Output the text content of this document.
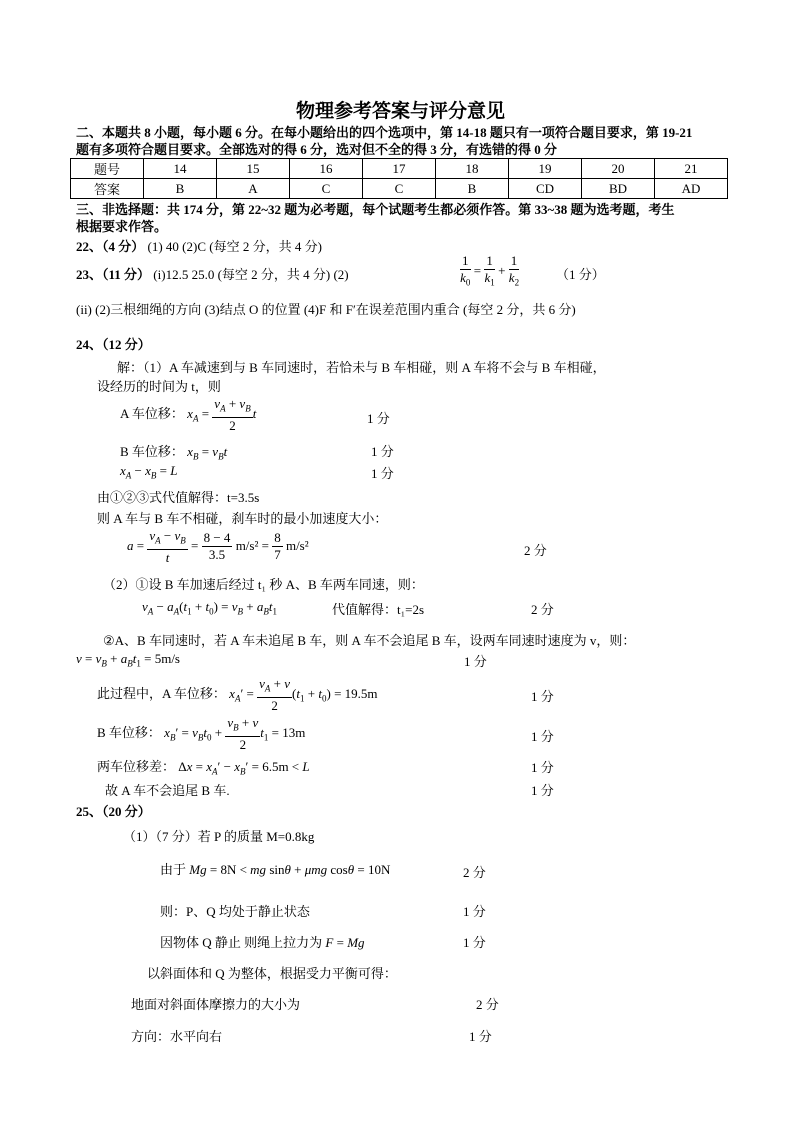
物理参考答案与评分意见
二、本题共 8 小题，每小题 6 分。在每小题给出的四个选项中，第 14-18 题只有一项符合题目要求，第 19-21
题有多项符合题目要求。全部选对的得 6 分，选对但不全的得 3 分，有选错的得 0 分
题号	14	15	16	17	18	19	20	21
答案	B	A	C	C	B	CD	BD	AD
三、非选择题：共 174 分，第 22~32 题为必考题，每个试题考生都必须作答。第 33~38 题为选考题，考生
根据要求作答。
22、（4 分） (1) 40 (2)C (每空 2 分，共 4 分)
23、（11 分） (i)12.5 25.0 (每空 2 分，共 4 分) (2)	$\frac{1}{k_0} = \frac{1}{k_1} + \frac{1}{k_2}$	（1 分）
(ii) (2)三根细绳的方向 (3)结点 O 的位置 (4)F 和 F′在误差范围内重合 (每空 2 分，共 6 分)
24、（12 分）
解：（1）A 车减速到与 B 车同速时，若恰未与 B 车相碰，则 A 车将不会与 B 车相碰，
设经历的时间为 t，则
A 车位移： $x_A = \frac{v_A + v_B}{2}$ t	1 分
B 车位移： $x_B = v_Bt$	1 分
$x_A - x_B = L$	1 分
由①②③式代值解得：t=3.5s
则 A 车与 B 车不相碰，刹车时的最小加速度大小：
$a = \frac{v_A - v_B}{t} = \frac{8 - 4}{3.5} m/s^2 = \frac{8}{7} m/s^2$	2 分
（2）①设 B 车加速后经过 t₁ 秒 A、B 车两车同速，则：
$v_A - a_A(t_1 + t_0) = v_B + a_Bt_1$	代值解得：t₁=2s	2 分
②A、B 车同速时，若 A 车未追尾 B 车，则 A 车不会追尾 B 车，设两车同速时速度为 v，则：
$v = v_B + a_Bt_1 = 5m/s$	1 分
此过程中，A 车位移： $x_A' = \frac{v_A + v}{2} (t_1 + t_0) = 19.5m$	1 分
B 车位移： $x_B' = v_Bt_0 + \frac{v_B + v}{2} t_1 = 13m$	1 分
两车位移差： $\Delta x = x_A' - x_B' = 6.5m < L$	1 分
故 A 车不会追尾 B 车.	1 分
25、（20 分）
（1）（7 分）若 P 的质量 M=0.8kg
由于 Mg = 8N < mg sinθ + μmg cosθ = 10N	2 分
则：P、Q 均处于静止状态	1 分
因物体 Q 静止 则绳上拉力为 F = Mg	1 分
以斜面体和 Q 为整体，根据受力平衡可得：
地面对斜面体摩擦力的大小为	2 分
方向：水平向右	1 分
